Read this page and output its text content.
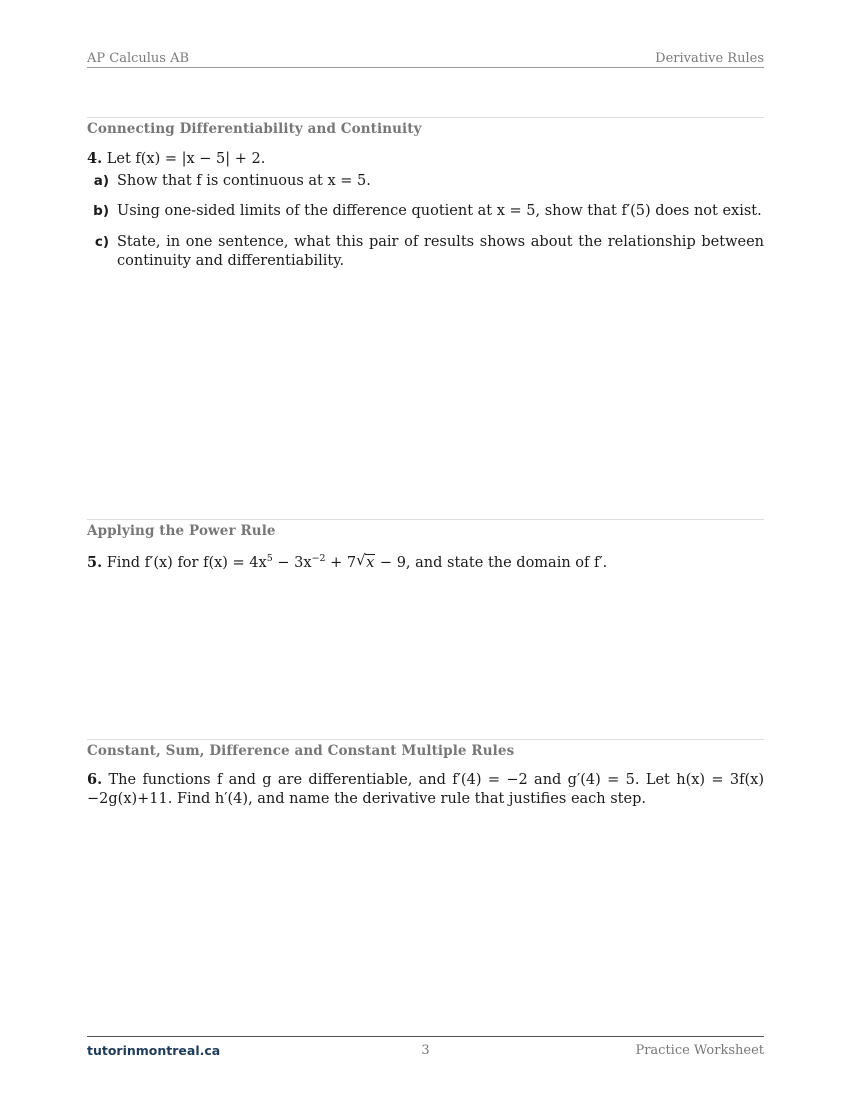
AP Calculus AB	Derivative Rules
Connecting Differentiability and Continuity
4. Let f(x) = |x − 5| + 2.
a) Show that f is continuous at x = 5.
b) Using one-sided limits of the difference quotient at x = 5, show that f′(5) does not exist.
c) State, in one sentence, what this pair of results shows about the relationship between continuity and differentiability.
Applying the Power Rule
5. Find f′(x) for $f(x) = 4x^5 - 3x^{-2} + 7$ √ x − 9, and state the domain of f′.
Constant, Sum, Difference and Constant Multiple Rules
6. The functions f and g are differentiable, and f′(4) = −2 and g′(4) = 5. Let h(x) = 3f(x)−2g(x)+11. Find h′(4), and name the derivative rule that justifies each step.
tutorinmontreal.ca	3	Practice Worksheet
